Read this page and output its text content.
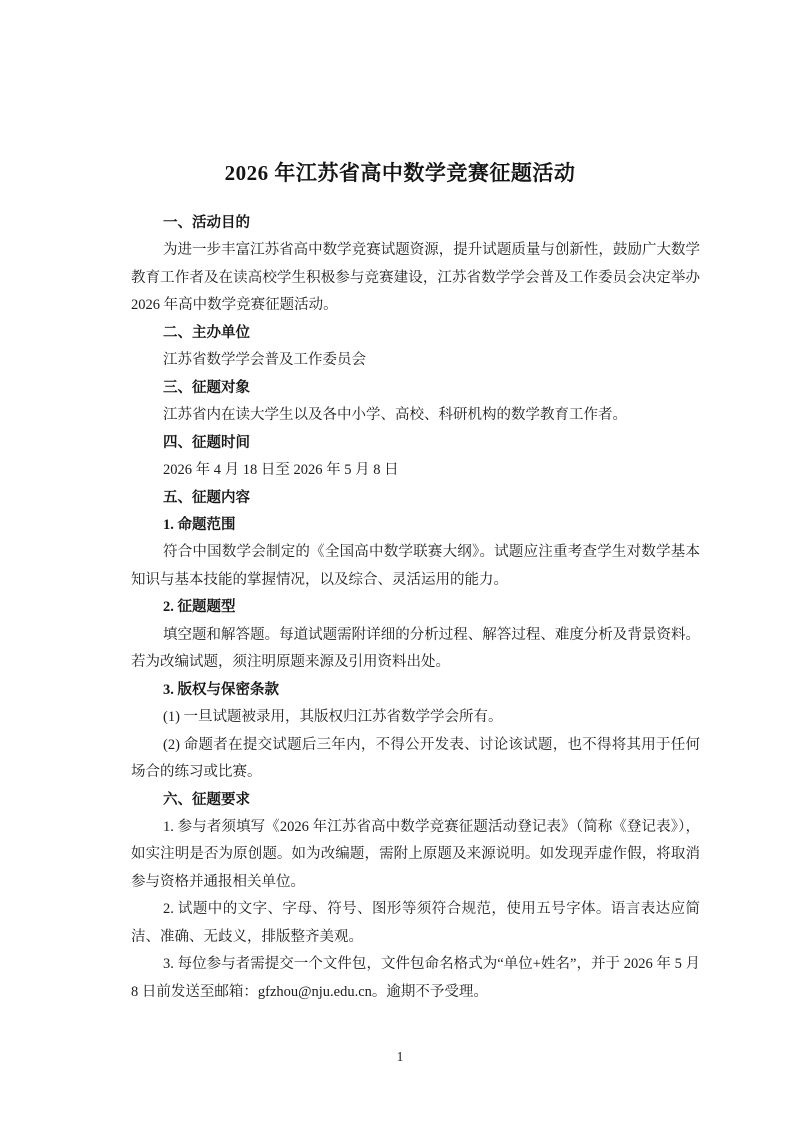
2026 年江苏省高中数学竞赛征题活动

一、活动目的

为进一步丰富江苏省高中数学竞赛试题资源，提升试题质量与创新性，鼓励广大数学教育工作者及在读高校学生积极参与竞赛建设，江苏省数学学会普及工作委员会决定举办 2026 年高中数学竞赛征题活动。

二、主办单位

江苏省数学学会普及工作委员会

三、征题对象

江苏省内在读大学生以及各中小学、高校、科研机构的数学教育工作者。

四、征题时间

2026 年 4 月 18 日至 2026 年 5 月 8 日

五、征题内容

1. 命题范围

符合中国数学会制定的《全国高中数学联赛大纲》。试题应注重考查学生对数学基本知识与基本技能的掌握情况，以及综合、灵活运用的能力。

2. 征题题型

填空题和解答题。每道试题需附详细的分析过程、解答过程、难度分析及背景资料。若为改编试题，须注明原题来源及引用资料出处。

3. 版权与保密条款

(1) 一旦试题被录用，其版权归江苏省数学学会所有。

(2) 命题者在提交试题后三年内，不得公开发表、讨论该试题，也不得将其用于任何场合的练习或比赛。

六、征题要求

1. 参与者须填写《2026 年江苏省高中数学竞赛征题活动登记表》（简称《登记表》），如实注明是否为原创题。如为改编题，需附上原题及来源说明。如发现弄虚作假，将取消参与资格并通报相关单位。

2. 试题中的文字、字母、符号、图形等须符合规范，使用五号字体。语言表达应简洁、准确、无歧义，排版整齐美观。

3. 每位参与者需提交一个文件包，文件包命名格式为“单位+姓名”，并于 2026 年 5 月 8 日前发送至邮箱：gfzhou@nju.edu.cn。逾期不予受理。

1
